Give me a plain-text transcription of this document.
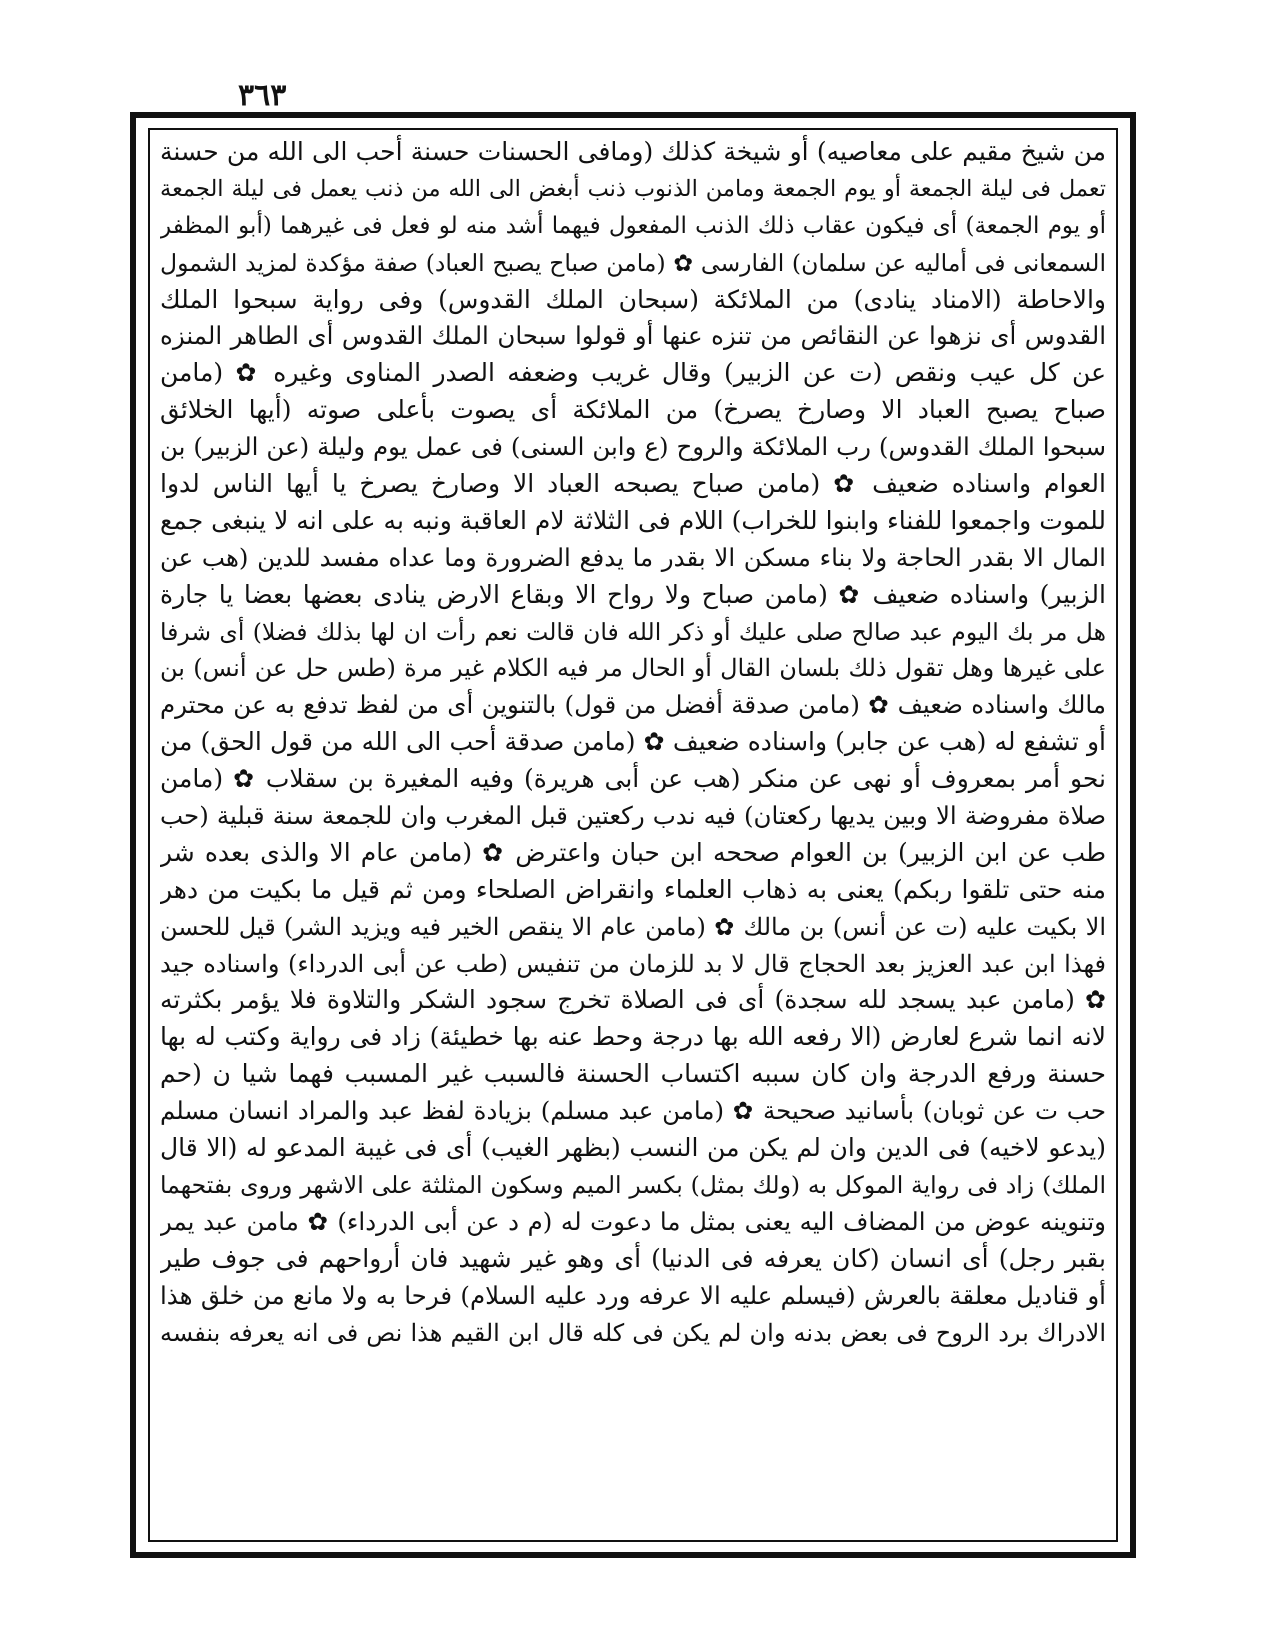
٣٦٣
من شيخ مقيم على معاصيه) أو شيخة كذلك (ومافى الحسنات حسنة أحب الى الله من حسنة
تعمل فى ليلة الجمعة أو يوم الجمعة ومامن الذنوب ذنب أبغض الى الله من ذنب يعمل فى ليلة الجمعة
أو يوم الجمعة) أى فيكون عقاب ذلك الذنب المفعول فيهما أشد منه لو فعل فى غيرهما (أبو المظفر
السمعانى فى أماليه عن سلمان) الفارسى ✿ (مامن صباح يصبح العباد) صفة مؤكدة لمزيد الشمول
والاحاطة (الامناد ينادى) من الملائكة (سبحان الملك القدوس) وفى رواية سبحوا الملك
القدوس أى نزهوا عن النقائص من تنزه عنها أو قولوا سبحان الملك القدوس أى الطاهر المنزه
عن كل عيب ونقص (ت عن الزبير) وقال غريب وضعفه الصدر المناوى وغيره ✿ (مامن
صباح يصبح العباد الا وصارخ يصرخ) من الملائكة أى يصوت بأعلى صوته (أيها الخلائق
سبحوا الملك القدوس) رب الملائكة والروح (ع وابن السنى) فى عمل يوم وليلة (عن الزبير) بن
العوام واسناده ضعيف ✿ (مامن صباح يصبحه العباد الا وصارخ يصرخ يا أيها الناس لدوا
للموت واجمعوا للفناء وابنوا للخراب) اللام فى الثلاثة لام العاقبة ونبه به على انه لا ينبغى جمع
المال الا بقدر الحاجة ولا بناء مسكن الا بقدر ما يدفع الضرورة وما عداه مفسد للدين (هب عن
الزبير) واسناده ضعيف ✿ (مامن صباح ولا رواح الا وبقاع الارض ينادى بعضها بعضا يا جارة
هل مر بك اليوم عبد صالح صلى عليك أو ذكر الله فان قالت نعم رأت ان لها بذلك فضلا) أى شرفا
على غيرها وهل تقول ذلك بلسان القال أو الحال مر فيه الكلام غير مرة (طس حل عن أنس) بن
مالك واسناده ضعيف ✿ (مامن صدقة أفضل من قول) بالتنوين أى من لفظ تدفع به عن محترم
أو تشفع له (هب عن جابر) واسناده ضعيف ✿ (مامن صدقة أحب الى الله من قول الحق) من
نحو أمر بمعروف أو نهى عن منكر (هب عن أبى هريرة) وفيه المغيرة بن سقلاب ✿ (مامن
صلاة مفروضة الا وبين يديها ركعتان) فيه ندب ركعتين قبل المغرب وان للجمعة سنة قبلية (حب
طب عن ابن الزبير) بن العوام صححه ابن حبان واعترض ✿ (مامن عام الا والذى بعده شر
منه حتى تلقوا ربكم) يعنى به ذهاب العلماء وانقراض الصلحاء ومن ثم قيل ما بكيت من دهر
الا بكيت عليه (ت عن أنس) بن مالك ✿ (مامن عام الا ينقص الخير فيه ويزيد الشر) قيل للحسن
فهذا ابن عبد العزيز بعد الحجاج قال لا بد للزمان من تنفيس (طب عن أبى الدرداء) واسناده جيد
✿ (مامن عبد يسجد لله سجدة) أى فى الصلاة تخرج سجود الشكر والتلاوة فلا يؤمر بكثرته
لانه انما شرع لعارض (الا رفعه الله بها درجة وحط عنه بها خطيئة) زاد فى رواية وكتب له بها
حسنة ورفع الدرجة وان كان سببه اكتساب الحسنة فالسبب غير المسبب فهما شيا ن (حم
حب ت عن ثوبان) بأسانيد صحيحة ✿ (مامن عبد مسلم) بزيادة لفظ عبد والمراد انسان مسلم
(يدعو لاخيه) فى الدين وان لم يكن من النسب (بظهر الغيب) أى فى غيبة المدعو له (الا قال
الملك) زاد فى رواية الموكل به (ولك بمثل) بكسر الميم وسكون المثلثة على الاشهر وروى بفتحهما
وتنوينه عوض من المضاف اليه يعنى بمثل ما دعوت له (م د عن أبى الدرداء) ✿ مامن عبد يمر
بقبر رجل) أى انسان (كان يعرفه فى الدنيا) أى وهو غير شهيد فان أرواحهم فى جوف طير
أو قناديل معلقة بالعرش (فيسلم عليه الا عرفه ورد عليه السلام) فرحا به ولا مانع من خلق هذا
الادراك برد الروح فى بعض بدنه وان لم يكن فى كله قال ابن القيم هذا نص فى انه يعرفه بنفسه
